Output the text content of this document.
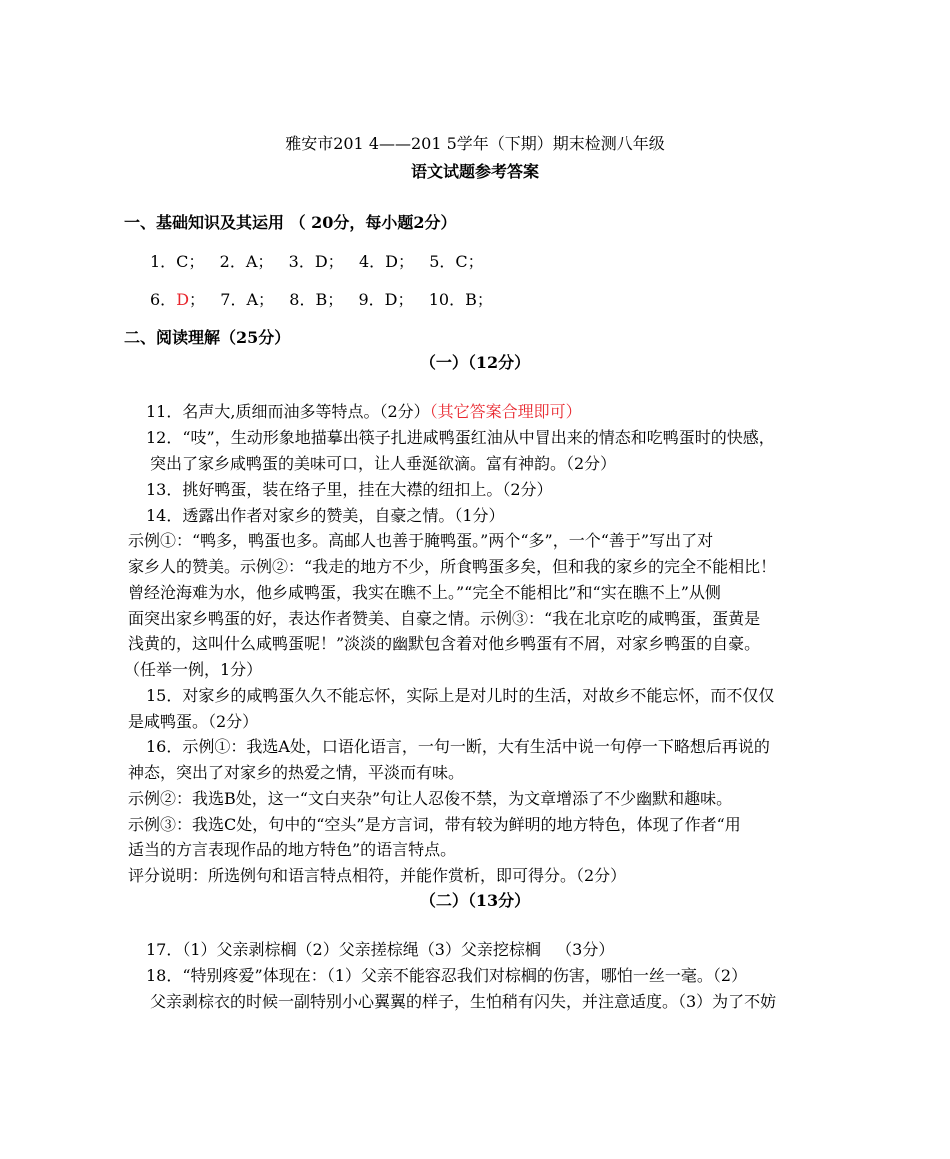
雅安市201 4——201 5学年（下期）期末检测八年级
语文试题参考答案
一、基础知识及其运用 （ 20分，每小题2分）
1．C；   2．A；   3．D；   4．D；   5．C；
6．D；   7．A；   8．B；   9．D；   10．B；
二、阅读理解（25分）
（一）（12分）
11．名声大,质细而油多等特点。（2分）（其它答案合理即可）
12．“吱”，生动形象地描摹出筷子扎进咸鸭蛋红油从中冒出来的情态和吃鸭蛋时的快感，
突出了家乡咸鸭蛋的美味可口，让人垂涎欲滴。富有神韵。（2分）
13．挑好鸭蛋，装在络子里，挂在大襟的纽扣上。（2分）
14．透露出作者对家乡的赞美，自豪之情。（1分）
示例①：“鸭多，鸭蛋也多。高邮人也善于腌鸭蛋。”两个“多”，一个“善于”写出了对
家乡人的赞美。示例②：“我走的地方不少，所食鸭蛋多矣，但和我的家乡的完全不能相比！
曾经沧海难为水，他乡咸鸭蛋，我实在瞧不上。”“完全不能相比”和“实在瞧不上”从侧
面突出家乡鸭蛋的好，表达作者赞美、自豪之情。示例③：“我在北京吃的咸鸭蛋，蛋黄是
浅黄的，这叫什么咸鸭蛋呢！”淡淡的幽默包含着对他乡鸭蛋有不屑，对家乡鸭蛋的自豪。
（任举一例，1分）
15．对家乡的咸鸭蛋久久不能忘怀，实际上是对儿时的生活，对故乡不能忘怀，而不仅仅
是咸鸭蛋。（2分）
16．示例①：我选A处，口语化语言，一句一断，大有生活中说一句停一下略想后再说的
神态，突出了对家乡的热爱之情，平淡而有味。
示例②：我选B处，这一“文白夹杂”句让人忍俊不禁，为文章增添了不少幽默和趣味。
示例③：我选C处，句中的“空头”是方言词，带有较为鲜明的地方特色，体现了作者“用
适当的方言表现作品的地方特色”的语言特点。
评分说明：所选例句和语言特点相符，并能作赏析，即可得分。（2分）
（二）（13分）
17．（1）父亲剥棕榈（2）父亲搓棕绳（3）父亲挖棕榈   （3分）
18．“特别疼爱”体现在：（1）父亲不能容忍我们对棕榈的伤害，哪怕一丝一毫。（2）
父亲剥棕衣的时候一副特别小心翼翼的样子，生怕稍有闪失，并注意适度。（3）为了不妨
